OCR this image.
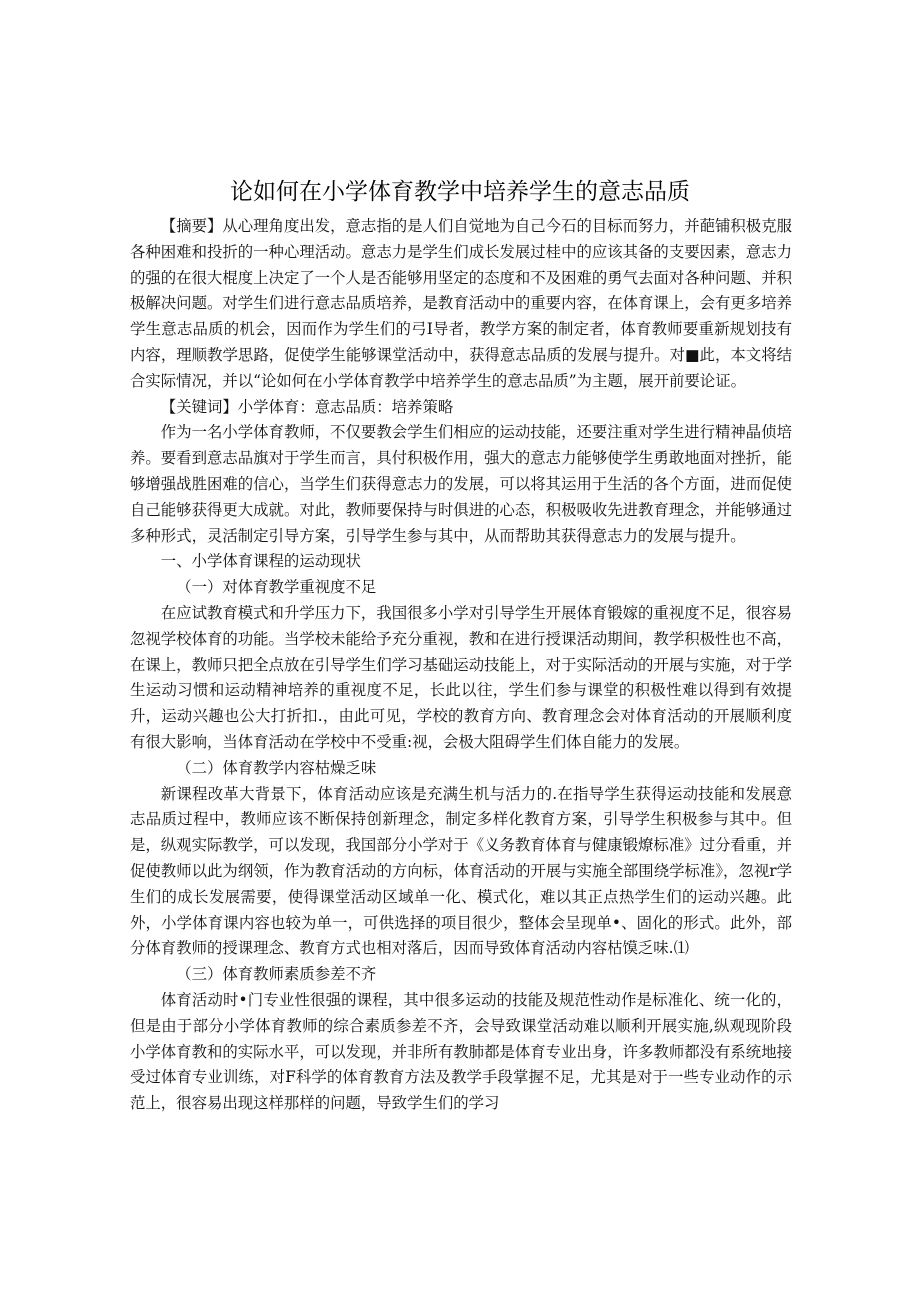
论如何在小学体育教学中培养学生的意志品质

【摘要】从心理角度出发，意志指的是人们自觉地为自己今石的目标而努力，并葩铺积极克服各种困难和投折的一种心理活动。意志力是学生们成长发展过桂中的应该其备的支要因素，意志力的强的在很大棍度上决定了一个人是否能够用坚定的态度和不及困难的勇气去面对各种问题、并积极解决问题。对学生们进行意志品质培养，是教育活动中的重要内容，在体育课上，会有更多培养学生意志品质的机会，因而作为学生们的弓I导者，教学方案的制定者，体育教师要重新规划技有内容，理顺教学思路，促使学生能够课堂活动中，获得意志品质的发展与提升。对■此，本文将结合实际情况，并以“论如何在小学体育教学中培养学生的意志品质”为主题，展开前要论证。

【关键词】小学体育：意志品质：培养策略

作为一名小学体育教师，不仅要教会学生们相应的运动技能，还要注重对学生进行精神晶侦培养。要看到意志品旗对于学生而言，具付积极作用，强大的意志力能够使学生勇敢地面对挫折，能够增强战胜困难的信心，当学生们获得意志力的发展，可以将其运用于生活的各个方面，进而促使自己能够获得更大成就。对此，教师要保持与时俱进的心态，积极吸收先进教育理念，并能够通过多种形式，灵活制定引导方案，引导学生参与其中，从而帮助其获得意志力的发展与提升。

一、小学体育课程的运动现状

（一）对体育教学重视度不足

在应试教育模式和升学压力下，我国很多小学对引导学生开展体育锻嫁的重视度不足，很容易忽视学校体育的功能。当学校未能给予充分重视，教和在进行授课活动期间，教学积极性也不高，在课上，教师只把全点放在引导学生们学习基础运动技能上，对于实际活动的开展与实施，对于学生运动习惯和运动精神培养的重视度不足，长此以往，学生们参与课堂的积极性难以得到有效提升，运动兴趣也公大打折扣.，由此可见，学校的教育方向、教育理念会对体育活动的开展顺利度有很大影响，当体育活动在学校中不受重:视，会极大阻碍学生们体自能力的发展。

（二）体育教学内容枯燥乏味

新课程改革大背景下，体育活动应该是充满生机与活力的.在指导学生获得运动技能和发展意志品质过程中，教师应该不断保持创新理念，制定多样化教育方案，引导学生积极参与其中。但是，纵观实际教学，可以发现，我国部分小学对于《义务教育体育与健康锻燎标准》过分看重，并促使教师以此为纲领，作为教育活动的方向标，体育活动的开展与实施全部围绕学标准》，忽视r学生们的成长发展需要，使得课堂活动区域单一化、模式化，难以其正点热学生们的运动兴趣。此外，小学体育课内容也较为单一，可供选择的项目很少，整体会呈现单•、固化的形式。此外，部分体育教师的授课理念、教育方式也相对落后，因而导致体育活动内容枯馍乏味.⑴

（三）体育教师素质参差不齐

体育活动时•门专业性很强的课程，其中很多运动的技能及规范性动作是标准化、统一化的，但是由于部分小学体育教师的综合素质参差不齐，会导致课堂活动难以顺利开展实施,纵观现阶段小学体育教和的实际水平，可以发现，并非所有教肺都是体育专业出身，许多教师都没有系统地接受过体育专业训练，对F科学的体育教育方法及教学手段掌握不足，尤其是对于一些专业动作的示范上，很容易出现这样那样的问题，导致学生们的学习
